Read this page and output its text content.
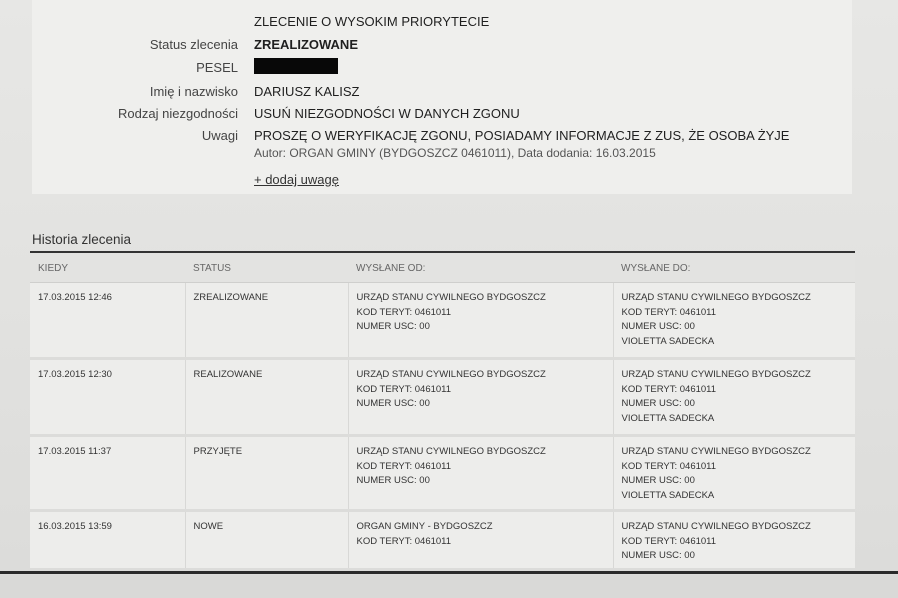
ZLECENIE O WYSOKIM PRIORYTECIE
Status zlecenia ZREALIZOWANE
PESEL
Imię i nazwisko DARIUSZ KALISZ
Rodzaj niezgodności USUŃ NIEZGODNOŚCI W DANYCH ZGONU
Uwagi PROSZĘ O WERYFIKACJĘ ZGONU, POSIADAMY INFORMACJE Z ZUS, ŻE OSOBA ŻYJE
Autor: ORGAN GMINY (BYDGOSZCZ 0461011), Data dodania: 16.03.2015
+ dodaj uwagę
Historia zlecenia
KIEDY	STATUS	WYSŁANE OD:	WYSŁANE DO:
17.03.2015 12:46	ZREALIZOWANE	URZĄD STANU CYWILNEGO BYDGOSZCZ
KOD TERYT: 0461011
NUMER USC: 00	URZĄD STANU CYWILNEGO BYDGOSZCZ
KOD TERYT: 0461011
NUMER USC: 00
VIOLETTA SADECKA

17.03.2015 12:30	REALIZOWANE	URZĄD STANU CYWILNEGO BYDGOSZCZ
KOD TERYT: 0461011
NUMER USC: 00	URZĄD STANU CYWILNEGO BYDGOSZCZ
KOD TERYT: 0461011
NUMER USC: 00
VIOLETTA SADECKA

17.03.2015 11:37	PRZYJĘTE	URZĄD STANU CYWILNEGO BYDGOSZCZ
KOD TERYT: 0461011
NUMER USC: 00	URZĄD STANU CYWILNEGO BYDGOSZCZ
KOD TERYT: 0461011
NUMER USC: 00
VIOLETTA SADECKA

16.03.2015 13:59	NOWE	ORGAN GMINY - BYDGOSZCZ
KOD TERYT: 0461011	URZĄD STANU CYWILNEGO BYDGOSZCZ
KOD TERYT: 0461011
NUMER USC: 00
